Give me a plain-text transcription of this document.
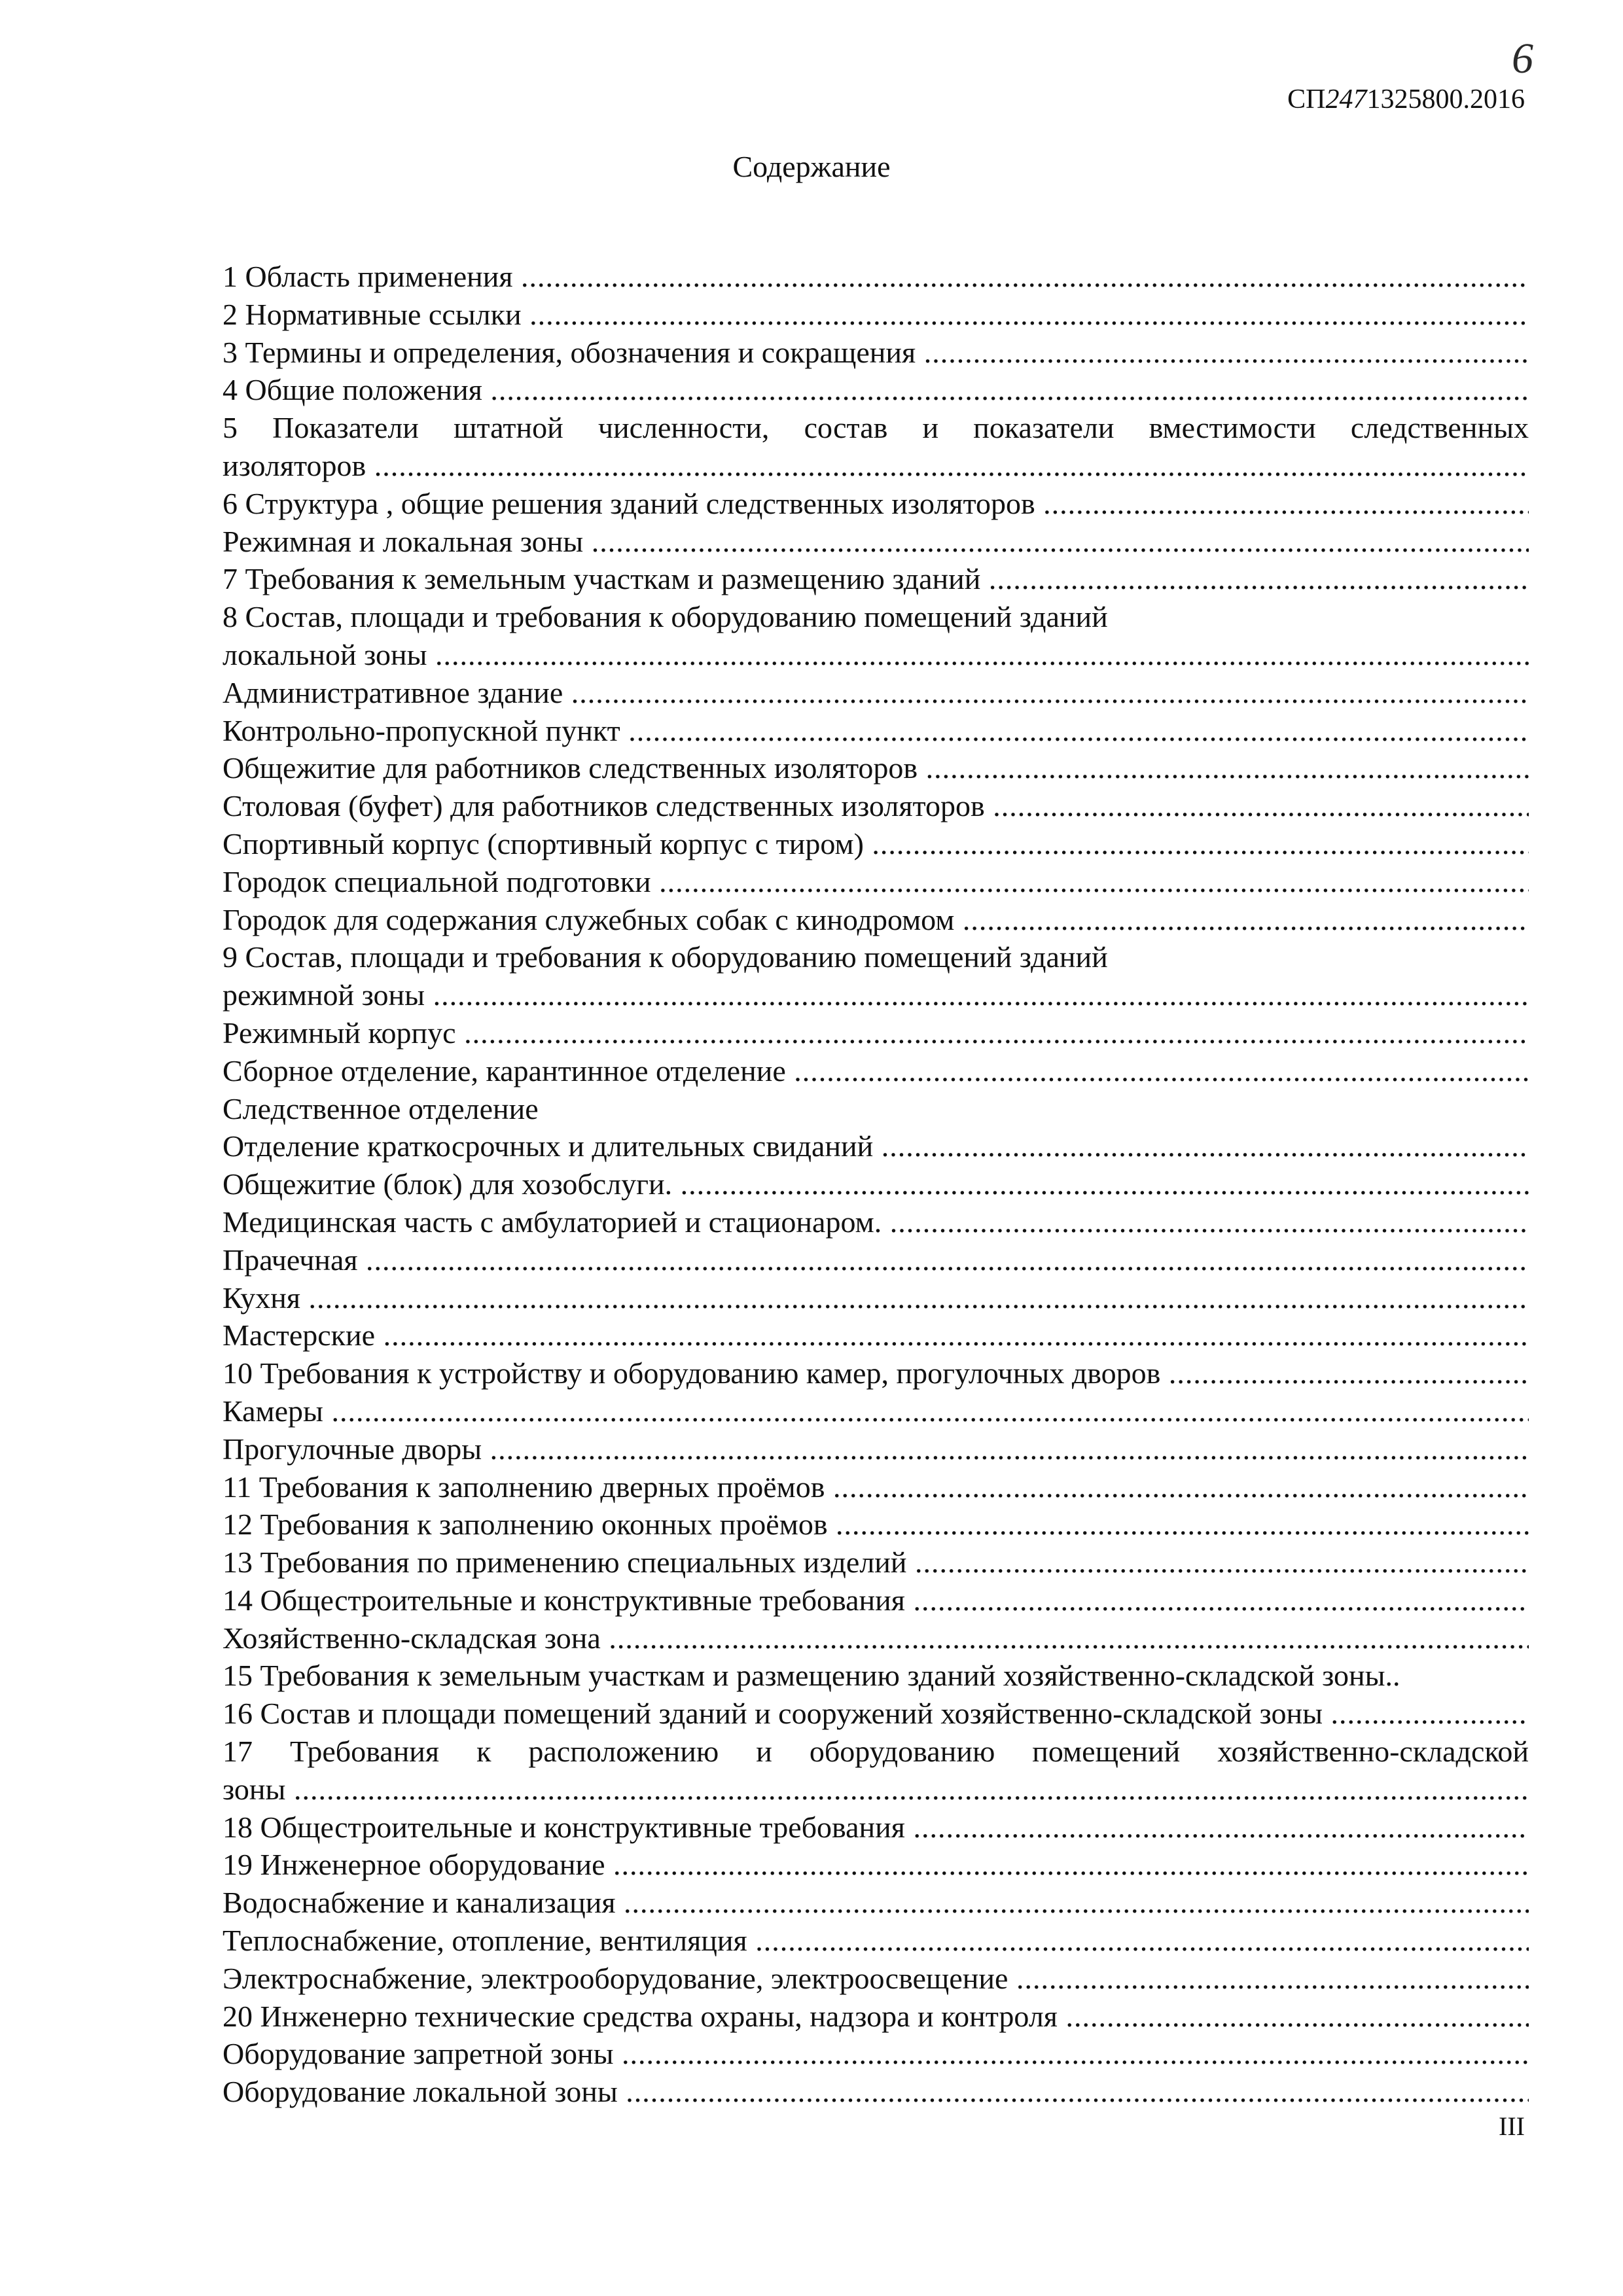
6
СП2471325800.2016
Содержание
1 Область применения .....
2 Нормативные ссылки .....
3 Термины и определения, обозначения и сокращения .....
4 Общие положения .....
5 Показатели штатной численности, состав и показатели вместимости следственных
изоляторов .....
6 Структура , общие решения зданий следственных изоляторов .....
Режимная и локальная зоны .....
7 Требования к земельным участкам и размещению зданий .....
8 Состав, площади и требования к оборудованию помещений зданий
локальной зоны .....
Административное здание .....
Контрольно-пропускной пункт .....
Общежитие для работников следственных изоляторов .....
Столовая (буфет) для работников следственных изоляторов .....
Спортивный корпус (спортивный корпус с тиром) .....
Городок специальной подготовки .....
Городок для содержания служебных собак с кинодромом .....
9 Состав, площади и требования к оборудованию помещений зданий
режимной зоны .....
Режимный корпус .....
Сборное отделение, карантинное отделение .....
Следственное отделение
Отделение краткосрочных и длительных свиданий .....
Общежитие (блок) для хозобслуги. .....
Медицинская часть с амбулаторией и стационаром. .....
Прачечная .....
Кухня .....
Мастерские .....
10 Требования к устройству и оборудованию камер, прогулочных дворов .....
Камеры .....
Прогулочные дворы .....
11 Требования к заполнению дверных проёмов .....
12 Требования к заполнению оконных проёмов .....
13 Требования по применению специальных изделий .....
14 Общестроительные и конструктивные требования .....
Хозяйственно-складская зона .....
15 Требования к земельным участкам и размещению зданий хозяйственно-складской зоны..
16 Состав и площади помещений зданий и сооружений хозяйственно-складской зоны .....
17 Требования к расположению и оборудованию помещений хозяйственно-складской
зоны .....
18 Общестроительные и конструктивные требования .....
19 Инженерное оборудование .....
Водоснабжение и канализация .....
Теплоснабжение, отопление, вентиляция .....
Электроснабжение, электрооборудование, электроосвещение .....
20 Инженерно технические средства охраны, надзора и контроля .....
Оборудование запретной зоны .....
Оборудование локальной зоны .....
III
